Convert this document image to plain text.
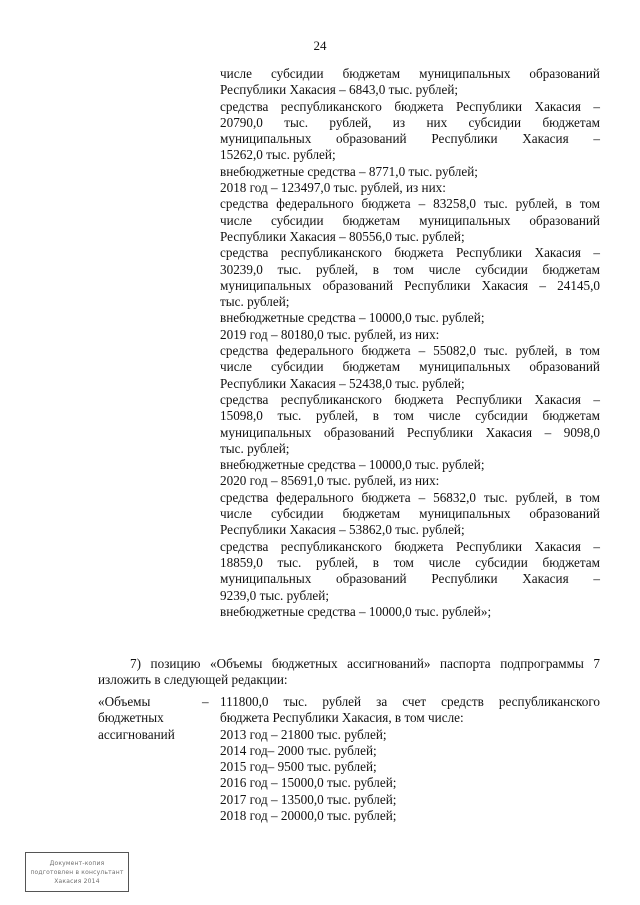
24
числе субсидии бюджетам муниципальных образований
Республики Хакасия – 6843,0 тыс. рублей;
средства республиканского бюджета Республики Хакасия –
20790,0 тыс. рублей, из них субсидии бюджетам
муниципальных образований Республики Хакасия –
15262,0 тыс. рублей;
внебюджетные средства – 8771,0 тыс. рублей;
2018 год – 123497,0 тыс. рублей, из них:
средства федерального бюджета – 83258,0 тыс. рублей, в том
числе субсидии бюджетам муниципальных образований
Республики Хакасия – 80556,0 тыс. рублей;
средства республиканского бюджета Республики Хакасия –
30239,0 тыс. рублей, в том числе субсидии бюджетам
муниципальных образований Республики Хакасия – 24145,0
тыс. рублей;
внебюджетные средства – 10000,0 тыс. рублей;
2019 год – 80180,0 тыс. рублей, из них:
средства федерального бюджета – 55082,0 тыс. рублей, в том
числе субсидии бюджетам муниципальных образований
Республики Хакасия – 52438,0 тыс. рублей;
средства республиканского бюджета Республики Хакасия –
15098,0 тыс. рублей, в том числе субсидии бюджетам
муниципальных образований Республики Хакасия – 9098,0
тыс. рублей;
внебюджетные средства – 10000,0 тыс. рублей;
2020 год – 85691,0 тыс. рублей, из них:
средства федерального бюджета – 56832,0 тыс. рублей, в том
числе субсидии бюджетам муниципальных образований
Республики Хакасия – 53862,0 тыс. рублей;
средства республиканского бюджета Республики Хакасия –
18859,0 тыс. рублей, в том числе субсидии бюджетам
муниципальных образований Республики Хакасия –
9239,0 тыс. рублей;
внебюджетные средства – 10000,0 тыс. рублей»;
7) позицию «Объемы бюджетных ассигнований» паспорта подпрограммы 7
изложить в следующей редакции:
«Объемы
бюджетных
ассигнований
– 111800,0 тыс. рублей за счет средств республиканского
бюджета Республики Хакасия, в том числе:
2013 год – 21800 тыс. рублей;
2014 год– 2000 тыс. рублей;
2015 год– 9500 тыс. рублей;
2016 год – 15000,0 тыс. рублей;
2017 год – 13500,0 тыс. рублей;
2018 год – 20000,0 тыс. рублей;
Документ-копия
подготовлен в консультант
Хакасия 2014
